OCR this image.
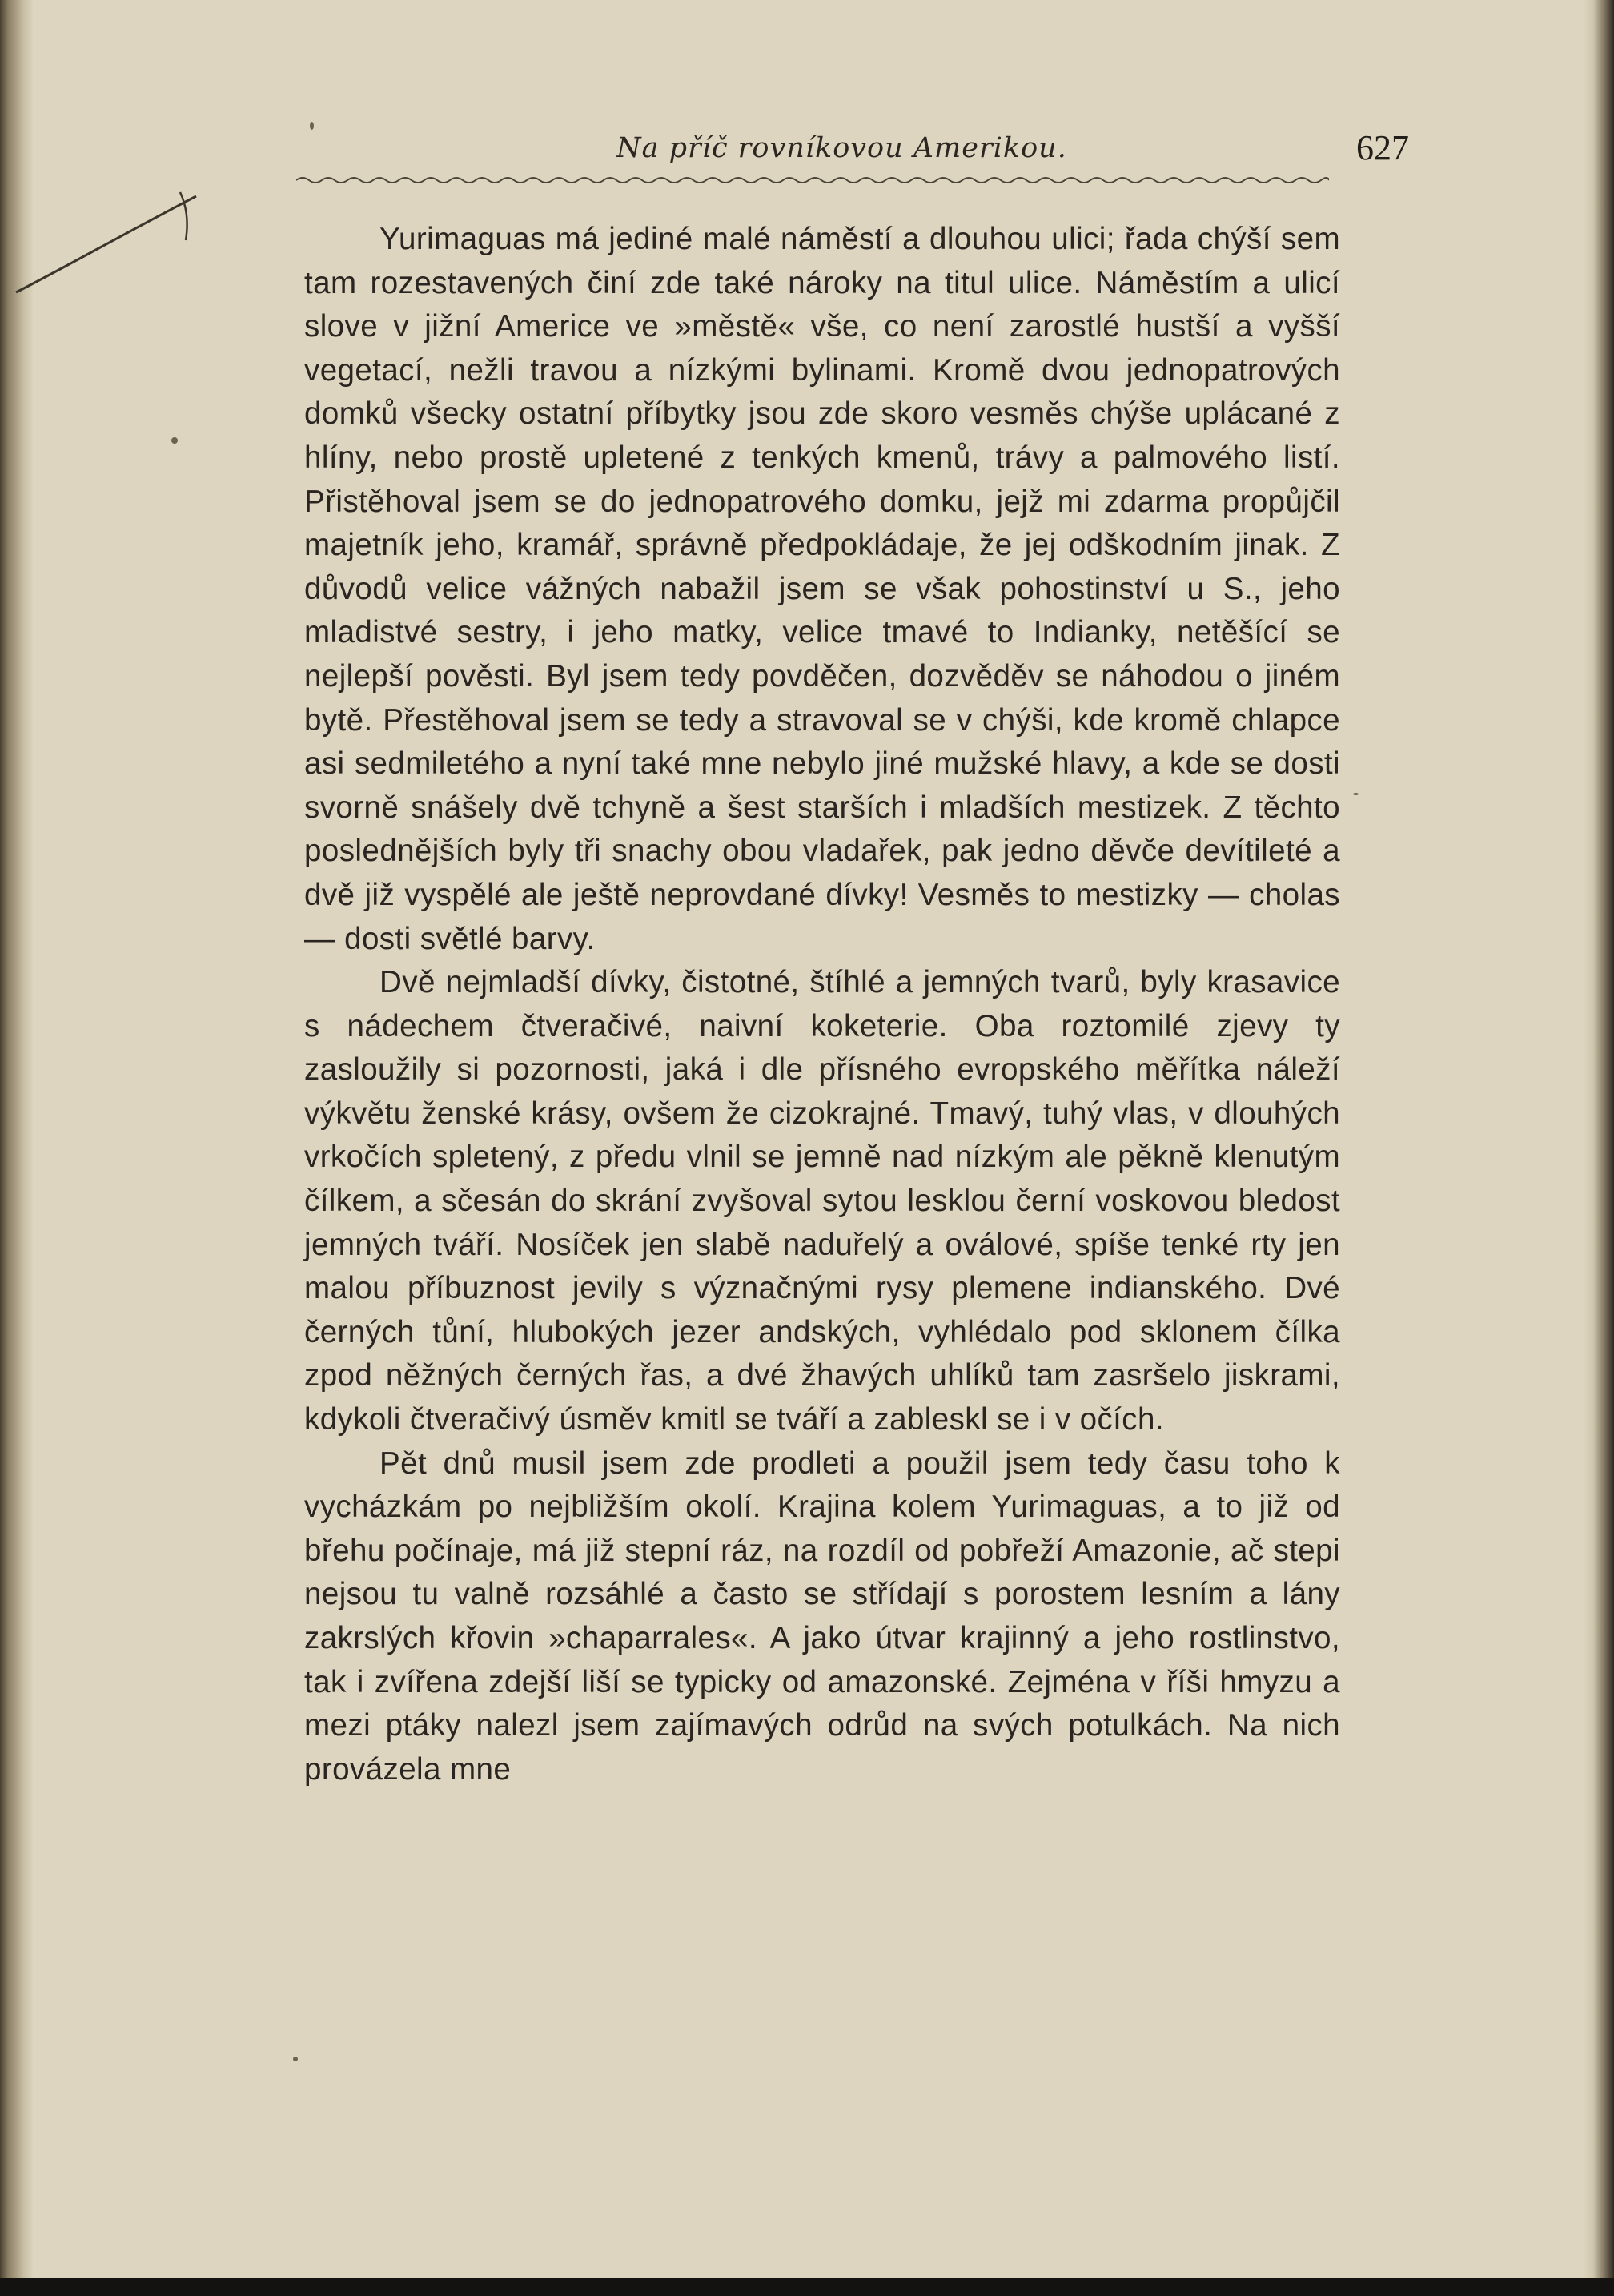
Na příč rovníkovou Amerikou.	627

Yurimaguas má jediné malé náměstí a dlouhou ulici; řada chýší sem tam rozestavených činí zde také nároky na titul ulice. Náměstím a ulicí slove v jižní Americe ve »městě« vše, co není zarostlé hustší a vyšší vegetací, nežli travou a nízkými bylinami. Kromě dvou jednopatrových domků všecky ostatní příbytky jsou zde skoro vesměs chýše uplácané z hlíny, nebo prostě upletené z tenkých kmenů, trávy a palmového listí. Přistěhoval jsem se do jednopatrového domku, jejž mi zdarma propůjčil majetník jeho, kramář, správně předpokládaje, že jej odškodním jinak. Z důvodů velice vážných nabažil jsem se však pohostinství u S., jeho mladistvé sestry, i jeho matky, velice tmavé to Indianky, netěšící se nejlepší pověsti. Byl jsem tedy povděčen, dozvěděv se náhodou o jiném bytě. Přestěhoval jsem se tedy a stravoval se v chýši, kde kromě chlapce asi sedmiletého a nyní také mne nebylo jiné mužské hlavy, a kde se dosti svorně snášely dvě tchyně a šest starších i mladších mestizek. Z těchto poslednějších byly tři snachy obou vladařek, pak jedno děvče devítileté a dvě již vyspělé ale ještě neprovdané dívky! Vesměs to mestizky — cholas — dosti světlé barvy.

Dvě nejmladší dívky, čistotné, štíhlé a jemných tvarů, byly krasavice s nádechem čtveračivé, naivní koketerie. Oba roztomilé zjevy ty zasloužily si pozornosti, jaká i dle přísného evropského měřítka náleží výkvětu ženské krásy, ovšem že cizokrajné. Tmavý, tuhý vlas, v dlouhých vrkočích spletený, z předu vlnil se jemně nad nízkým ale pěkně klenutým čílkem, a sčesán do skrání zvyšoval sytou lesklou černí voskovou bledost jemných tváří. Nosíček jen slabě naduřelý a oválové, spíše tenké rty jen malou příbuznost jevily s význačnými rysy plemene indianského. Dvé černých tůní, hlubokých jezer andských, vyhlédalo pod sklonem čílka zpod něžných černých řas, a dvé žhavých uhlíků tam zasršelo jiskrami, kdykoli čtveračivý úsměv kmitl se tváří a zableskl se i v očích.

Pět dnů musil jsem zde prodleti a použil jsem tedy času toho k vycházkám po nejbližším okolí. Krajina kolem Yurimaguas, a to již od břehu počínaje, má již stepní ráz, na rozdíl od pobřeží Amazonie, ač stepi nejsou tu valně rozsáhlé a často se střídají s porostem lesním a lány zakrslých křovin »chaparrales«. A jako útvar krajinný a jeho rostlinstvo, tak i zvířena zdejší liší se typicky od amazonské. Zejména v říši hmyzu a mezi ptáky nalezl jsem zajímavých odrůd na svých potulkách. Na nich provázela mne
